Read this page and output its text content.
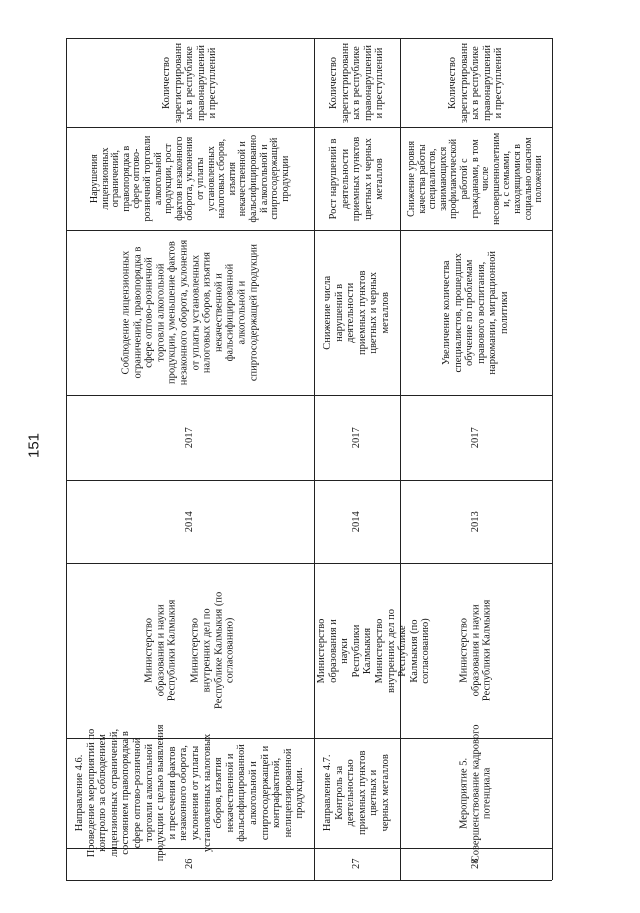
151
26
Направление 4.6.
Проведение мероприятий по
контролю за соблюдением
лицензионных ограничений,
состоянием правопорядка в
сфере оптово-розничной
торговли алкогольной
продукции с целью выявления
и пресечения фактов
незаконного оборота,
уклонения от уплаты
установленных налоговых
сборов, изъятия
некачественной и
фальсифицированной
алкогольной и
спиртосодержащей и
контрафактной,
нелицензированной
продукции.
Министерство
образования и науки
Республики Калмыкия

Министерство
внутренних дел по
Республике Калмыкия (по
согласованию)
2014
2017
Соблюдение лицензионных
ограничений, правопорядка в
сфере оптово-розничной
торговли алкогольной
продукции, уменьшение фактов
незаконного оборота, уклонения
от уплаты установленных
налоговых сборов, изъятия
некачественной и
фальсифицированной
алкогольной и
спиртосодержащей продукции
Нарушения
лицензионных
ограничений,
правопорядка в
сфере оптово-
розничной торговли
алкогольной
продукции, рост
фактов незаконного
оборота, уклонения
от уплаты
установленных
налоговых сборов,
изъятия
некачественной и
фальсифицированно
й алкогольной и
спиртосодержащей
продукции
27
Направление 4.7.
Контроль за деятельностью
приемных пунктов цветных и
черных металлов
Министерство
образования и науки
Республики Калмыкия
Министерство
внутренних дел по
Республике Калмыкия (по
согласованию)
2014
2017
Снижение числа нарушений в
деятельности приемных пунктов
цветных и черных металлов
Рост нарушений в
деятельности
приемных пунктов
цветных и черных
металлов
28
Мероприятие 5.
Совершенствование кадрового
потенциала
Министерство
образования и науки
Республики Калмыкия
2013
2017
Увеличение количества
специалистов, прошедших
обучение по проблемам
правового воспитания,
наркомании, миграционной
политики
Снижение уровня
качества работы
специалистов,
занимающихся
профилактической
работой с
гражданами, в том
числе
несовершеннолетним
и, с семьями,
находящимися в
социально опасном
положении
Количество
зарегистрированн
ых в республике
правонарушений
и преступлений	Количество
зарегистрированн
ых в республике
правонарушений
и преступлений	Количество
зарегистрированн
ых в республике
правонарушений
и преступлений
